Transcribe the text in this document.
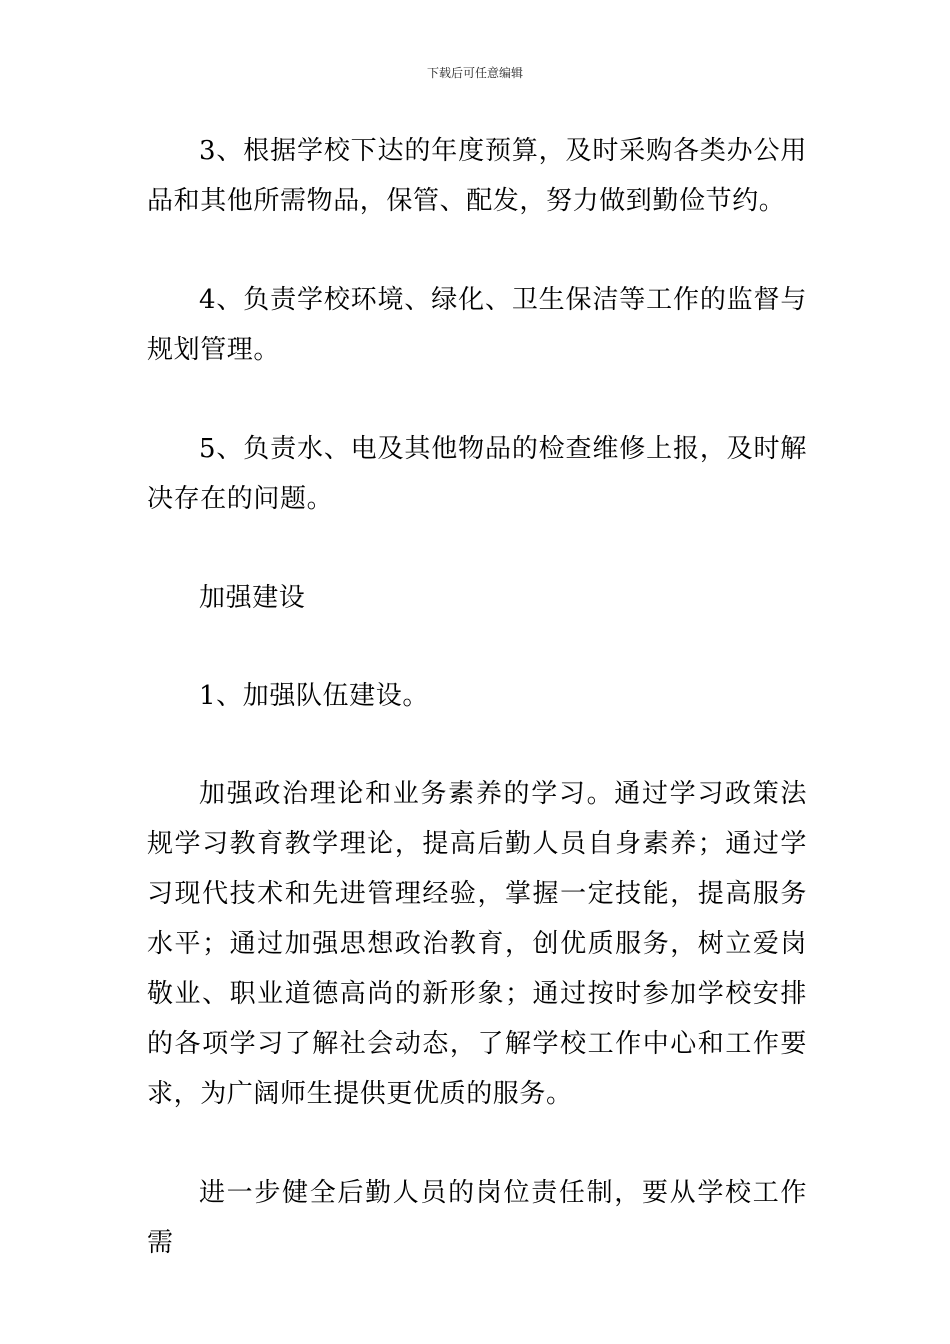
下载后可任意编辑

3、根据学校下达的年度预算，及时采购各类办公用品和其他所需物品，保管、配发，努力做到勤俭节约。

4、负责学校环境、绿化、卫生保洁等工作的监督与规划管理。

5、负责水、电及其他物品的检查维修上报，及时解决存在的问题。

加强建设

1、加强队伍建设。

加强政治理论和业务素养的学习。通过学习政策法规学习教育教学理论，提高后勤人员自身素养；通过学习现代技术和先进管理经验，掌握一定技能，提高服务水平；通过加强思想政治教育，创优质服务，树立爱岗敬业、职业道德高尚的新形象；通过按时参加学校安排的各项学习了解社会动态，了解学校工作中心和工作要求，为广阔师生提供更优质的服务。

进一步健全后勤人员的岗位责任制，要从学校工作需
